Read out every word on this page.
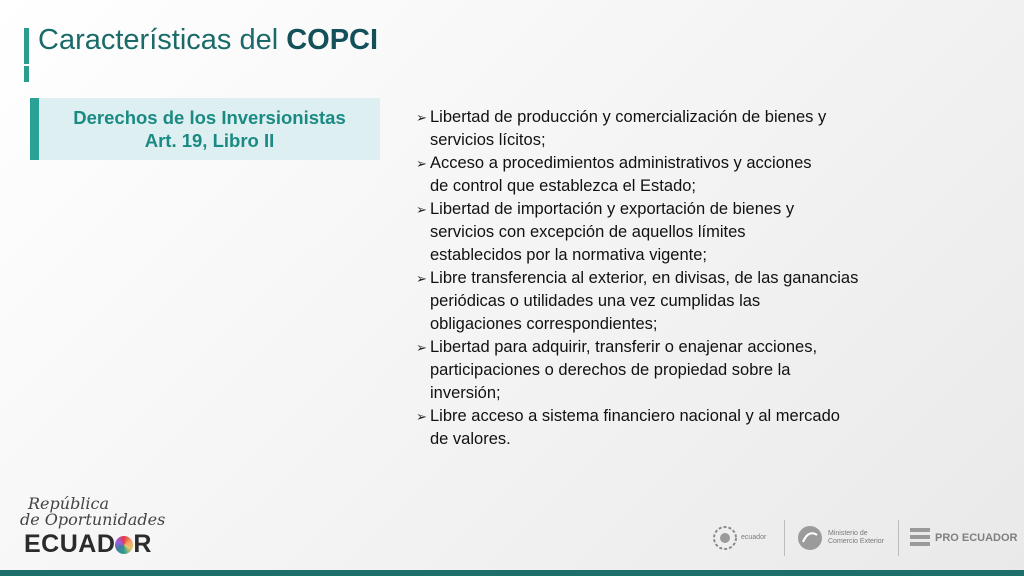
Características del COPCI
Derechos de los Inversionistas
Art. 19, Libro II
➢ Libertad de producción y comercialización de bienes y
servicios lícitos;
➢ Acceso a procedimientos administrativos y acciones
de control que establezca el Estado;
➢ Libertad de importación y exportación de bienes y
servicios con excepción de aquellos límites
establecidos por la normativa vigente;
➢ Libre transferencia al exterior, en divisas, de las ganancias
periódicas o utilidades una vez cumplidas las
obligaciones correspondientes;
➢ Libertad para adquirir, transferir o enajenar acciones,
participaciones o derechos de propiedad sobre la
inversión;
➢ Libre acceso a sistema financiero nacional y al mercado
de valores.
República
de Oportunidades
ECUAD R	ecuador
Ministerio de
Comercio Exterior	PRO ECUADOR
